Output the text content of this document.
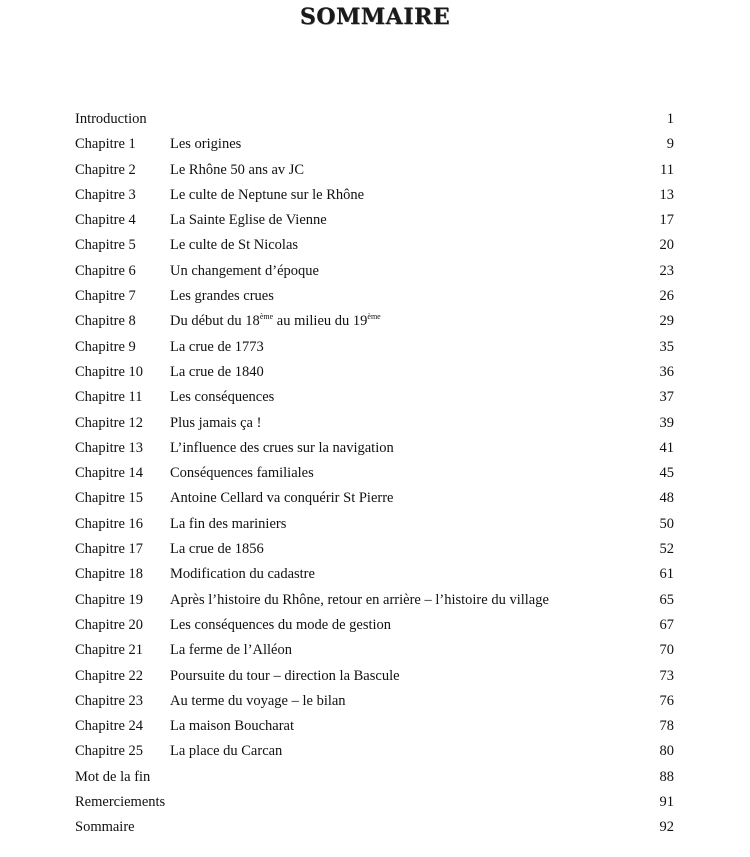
SOMMAIRE
Introduction	1
Chapitre 1 Les origines	9
Chapitre 2 Le Rhône 50 ans av JC	11
Chapitre 3 Le culte de Neptune sur le Rhône	13
Chapitre 4 La Sainte Eglise de Vienne	17
Chapitre 5 Le culte de St Nicolas	20
Chapitre 6 Un changement d’époque	23
Chapitre 7 Les grandes crues	26
Chapitre 8 Du début du 18ème au milieu du 19ème	29
Chapitre 9 La crue de 1773	35
Chapitre 10 La crue de 1840	36
Chapitre 11 Les conséquences	37
Chapitre 12 Plus jamais ça !	39
Chapitre 13 L’influence des crues sur la navigation	41
Chapitre 14 Conséquences familiales	45
Chapitre 15 Antoine Cellard va conquérir St Pierre	48
Chapitre 16 La fin des mariniers	50
Chapitre 17 La crue de 1856	52
Chapitre 18 Modification du cadastre	61
Chapitre 19 Après l’histoire du Rhône, retour en arrière – l’histoire du village	65
Chapitre 20 Les conséquences du mode de gestion	67
Chapitre 21 La ferme de l’Alléon	70
Chapitre 22 Poursuite du tour – direction la Bascule	73
Chapitre 23 Au terme du voyage – le bilan	76
Chapitre 24 La maison Boucharat	78
Chapitre 25 La place du Carcan	80
Mot de la fin	88
Remerciements	91
Sommaire	92
